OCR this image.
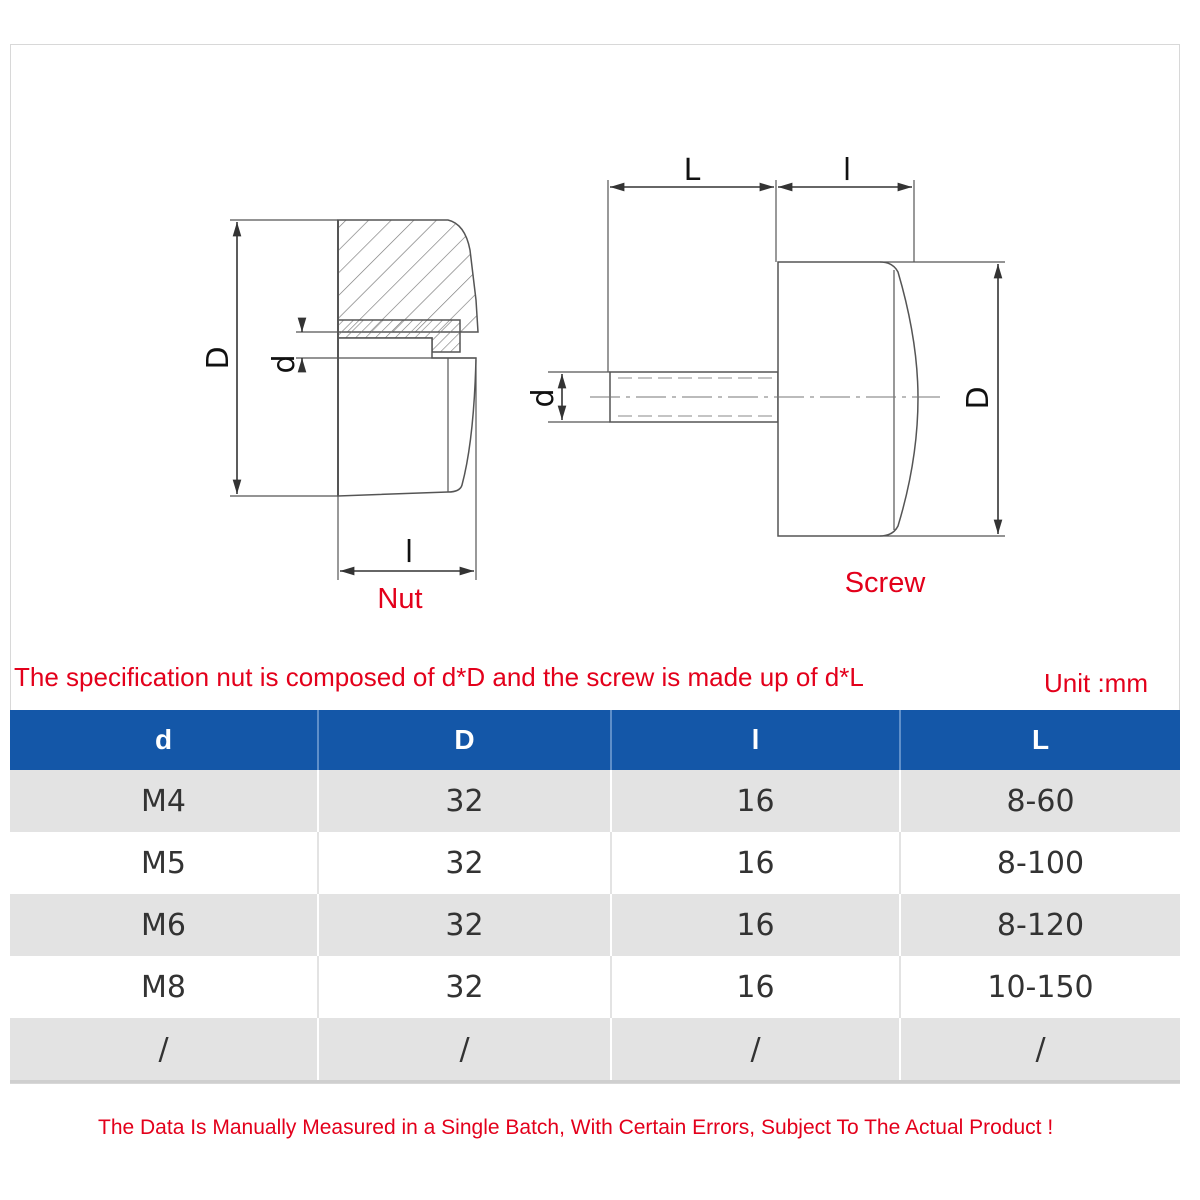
D d
l
Nut
L	l
d	D
Screw
The specification nut is composed of d*D and the screw is made up of d*L	Unit :mm
d	D	l	L
M4	32	16	8-60
M5	32	16	8-100
M6	32	16	8-120
M8	32	16	10-150
/	/	/	/
The Data Is Manually Measured in a Single Batch, With Certain Errors, Subject To The Actual Product !
